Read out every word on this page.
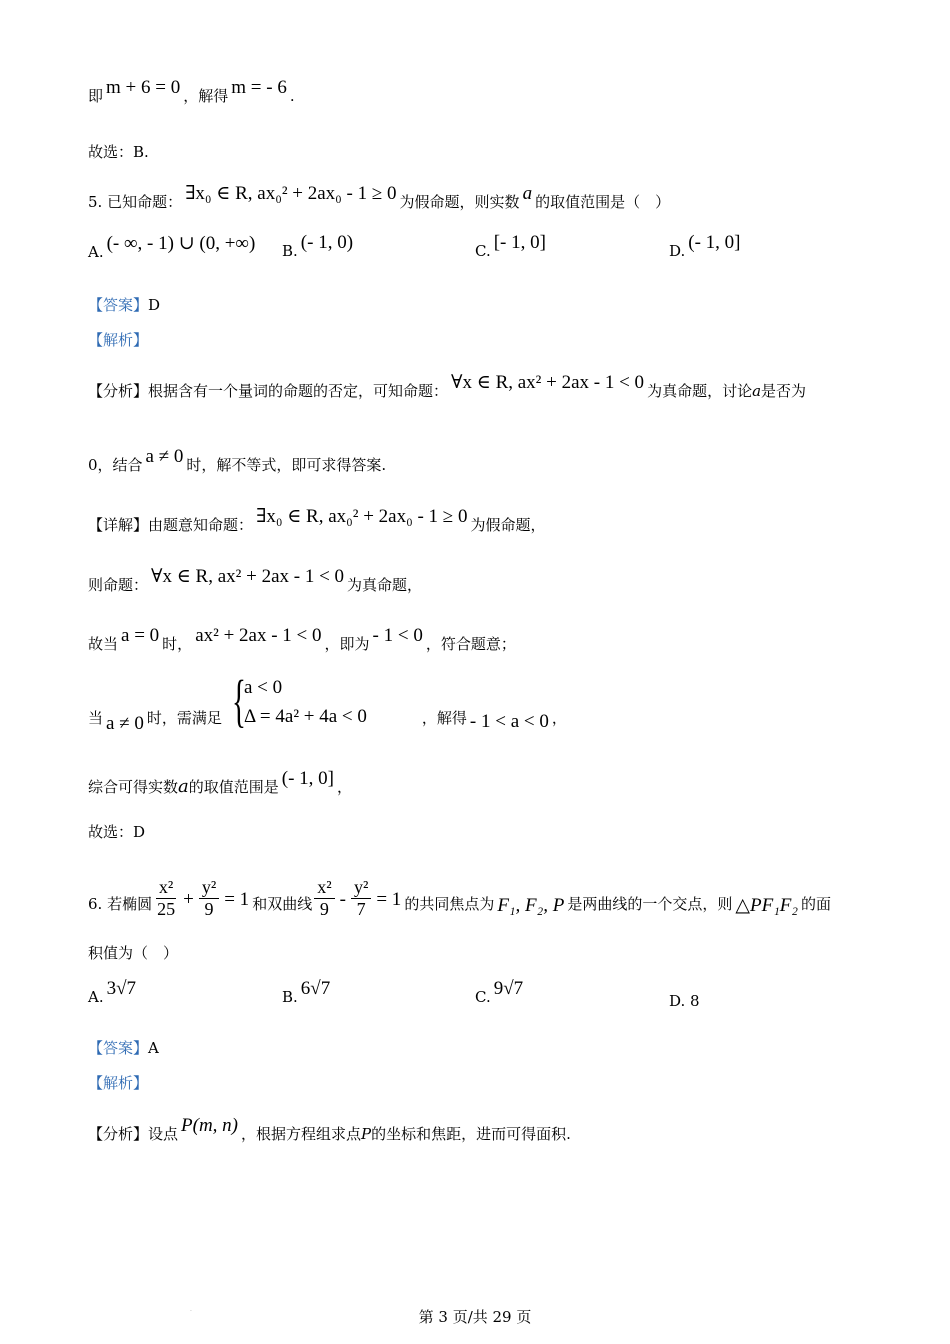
即 m + 6 = 0 ，解得 m = - 6 .
故选：B.
5. 已知命题： ∃x₀ ∈ R, ax₀² + 2ax₀ - 1 ≥ 0 为假命题，则实数 a 的取值范围是（　）
A. (- ∞, - 1) ∪ (0, +∞) B. (- 1, 0)	C. [- 1, 0]	D. (- 1, 0]
【答案】D
【解析】
【分析】根据含有一个量词的命题的否定，可知命题： ∀x ∈ R, ax² + 2ax - 1 < 0 为真命题，讨论a是否为
0，结合 a ≠ 0 时，解不等式，即可求得答案.
【详解】由题意知命题： ∃x₀ ∈ R, ax₀² + 2ax₀ - 1 ≥ 0 为假命题，
则命题： ∀x ∈ R, ax² + 2ax - 1 < 0 为真命题，
故当 a = 0 时， ax² + 2ax - 1 < 0 ，即为 - 1 < 0 ，符合题意；
当 a ≠ 0 时，需满足	，解得 - 1 < a < 0 ，
{
a < 0
Δ = 4a² + 4a < 0
综合可得实数a的取值范围是 (- 1, 0] ，
故选：D
6. 若椭圆 $\frac{\text{x²}}{25} + \frac{\text{y²}}{9} = 1$ 和双曲线 $\frac{\text{x²}}{9} - \frac{\text{y²}}{7} = 1$ 的共同焦点为 F₁, F₂, P 是两曲线的一个交点，则 △PF₁F₂ 的面
积值为（　）
A. 3√7	B. 6√7	C. 9√7
D. 8
【答案】A
【解析】
【分析】设点 P(m, n) ，根据方程组求点P的坐标和焦距，进而可得面积.
.	第 3 页/共 29 页
